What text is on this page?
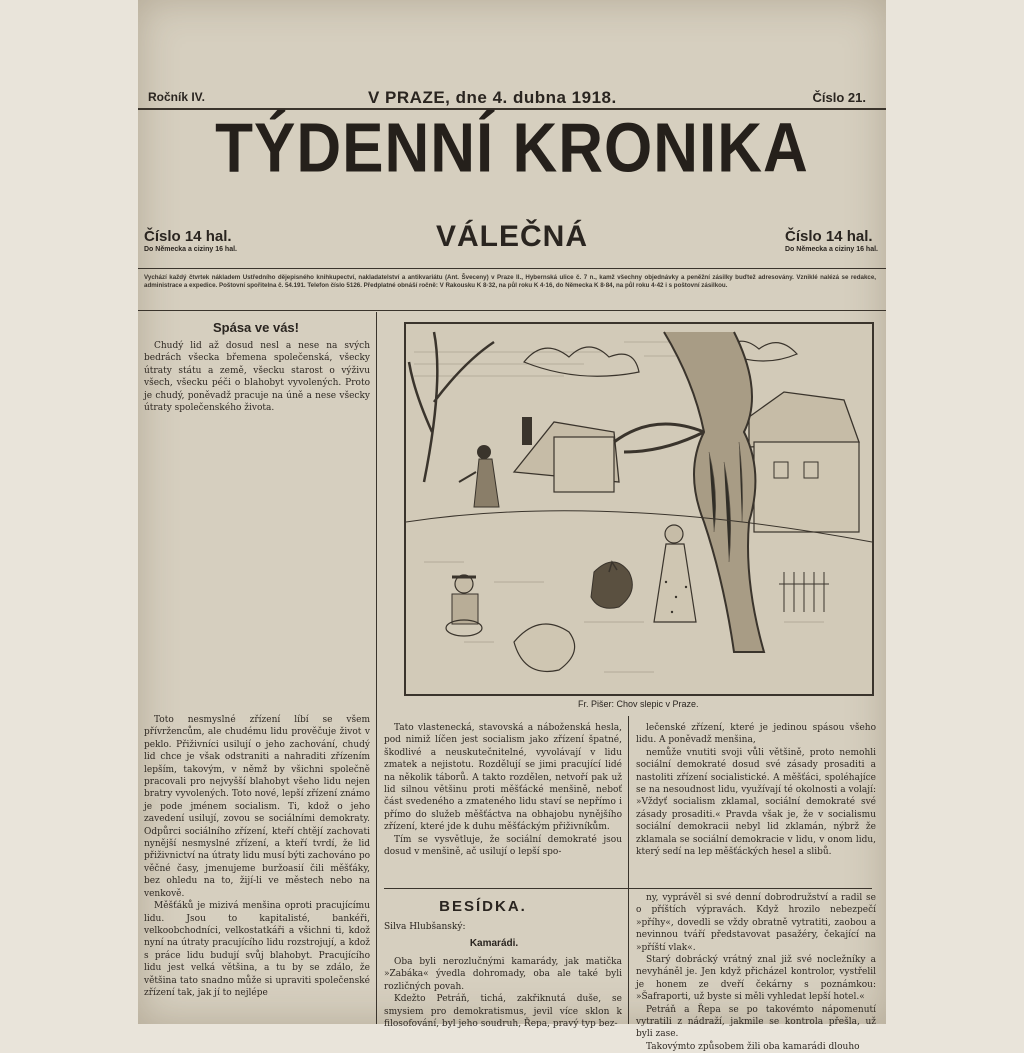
Ročník IV.	V PRAZE, dne 4. dubna 1918.	Číslo 21.
TÝDENNÍ KRONIKA
Číslo 14 hal.
Do Německa a ciziny 16 hal.	VÁLEČNÁ	Číslo 14 hal.
Do Německa a ciziny 16 hal.
Vychází každý čtvrtek nákladem Ustředního dějepisného knihkupectví, nakladatelství a antikvariátu (Ant. Šveceny) v Praze II., Hybernská ulice č. 7 n., kamž všechny objednávky a peněžní zásilky buďtež adresovány. Vzniklé nalézá se redakce, administrace a expedice. Poštovní spořitelna č. 54.191. Telefon číslo 5126. Předplatné obnáší ročně: V Rakousku K 8·32, na půl roku K 4·16, do Německa K 8·84, na půl roku 4·42 i s poštovní zásilkou.
Spása ve vás!

Chudý lid až dosud nesl a nese na svých bedrách všecka břemena společenská, všecky útraty státu a země, všecku starost o výživu všech, všecku péči o blahobyt vyvolených. Proto je chudý, poněvadž pracuje na úně a nese všecky útraty společenského života.

Toto nesmyslné zřízení líbí se všem přívržencům, ale chudému lidu prověčuje život v peklo. Přiživníci usilují o jeho zachování, chudý lid chce je však odstraniti a nahraditi zřízením lepším, takovým, v němž by všichni společně pracovali pro nejvyšší blahobyt všeho lidu nejen bratry vyvolených. Toto nové, lepší zřízení známo je pode jménem socialism. Ti, kdož o jeho zavedení usilují, zovou se sociálními demokraty. Odpůrci sociálního zřízení, kteří chtějí zachovati nynější nesmyslné zřízení, a kteří tvrdí, že lid přiživnictví na útraty lidu musí býti zachováno po věčné časy, jmenujeme buržoasií čili měšťáky, bez ohledu na to, žijí-li ve městech nebo na venkově.

Měšťáků je mizivá menšina oproti pracujícímu lidu. Jsou to kapitalisté, bankéři, velkoobchodníci, velkostatkáři a všichni ti, kdož nyní na útraty pracujícího lidu rozstrojují, a kdož s práce lidu budují svůj blahobyt. Pracujícího lidu jest velká většina, a tu by se zdálo, že většina tato snadno může si upraviti společenské zřízení tak, jak jí to nejlépe

Fr. Pišer: Chov slepic v Praze.

Tato vlastenecká, stavovská a náboženská hesla, pod nimiž líčen jest socialism jako zřízení špatné, škodlivé a neuskutečnitelné, vyvolávají v lidu zmatek a nejistotu. Rozdělují se jimi pracující lidé na několik táborů. A takto rozdělen, netvoří pak už lid silnou většinu proti měšťácké menšině, neboť část svedeného a zmateného lidu staví se nepřímo i přímo do služeb měšťáctva na obhajobu nynějšího zřízení, které jde k duhu měšťáckým přiživníkům.

Tím se vysvětluje, že sociální demokraté jsou dosud v menšině, ač usilují o lepší spo-

lečenské zřízení, které je jedinou spásou všeho lidu. A poněvadž menšina,

nemůže vnutiti svoji vůli většině, proto nemohli sociální demokraté dosud své zásady prosaditi a nastoliti zřízení socialistické. A měšťáci, spoléhajíce se na nesoudnost lidu, využívají té okolnosti a volají: »Vždyť socialism zklamal, sociální demokraté své zásady prosaditi.« Pravda však je, že v socialismu sociální demokracii nebyl lid zklamán, nýbrž že zklamala se sociální demokracie v lidu, v onom lidu, který sedí na lep měšťáckých hesel a slibů.

BESÍDKA.
Silva Hlubšanský:
Kamarádi.

Oba byli nerozlučnými kamarády, jak matička »Zabáka« ývedla dohromady, oba ale také byli rozličných povah.

Kdežto Petráň, tichá, zakřiknutá duše, se smysiem pro demokratismus, jevil více sklon k filosofování, byl jeho soudruh, Řepa, pravý typ bez-

ny, vyprávěl si své denní dobrodružství a radil se o příštích výpravách. Když hrozilo nebezpečí »příhy«, dovedli se vždy obratně vytratiti, zaobou a nevinnou tváří představovat pasažéry, čekající na »příští vlak«.

Starý dobrácký vrátný znal již své nocležníky a nevyháněl je. Jen když přicházel kontrolor, vystřelil je honem ze dveří čekárny s poznámkou: »Šafraporti, už byste si měli vyhledat lepší hotel.«

Petráň a Řepa se po takovémto nápomenutí vytratili z nádraží, jakmile se kontrola přešla, už byli zase.

Takovýmto způsobem žili oba kamarádi dlouho
